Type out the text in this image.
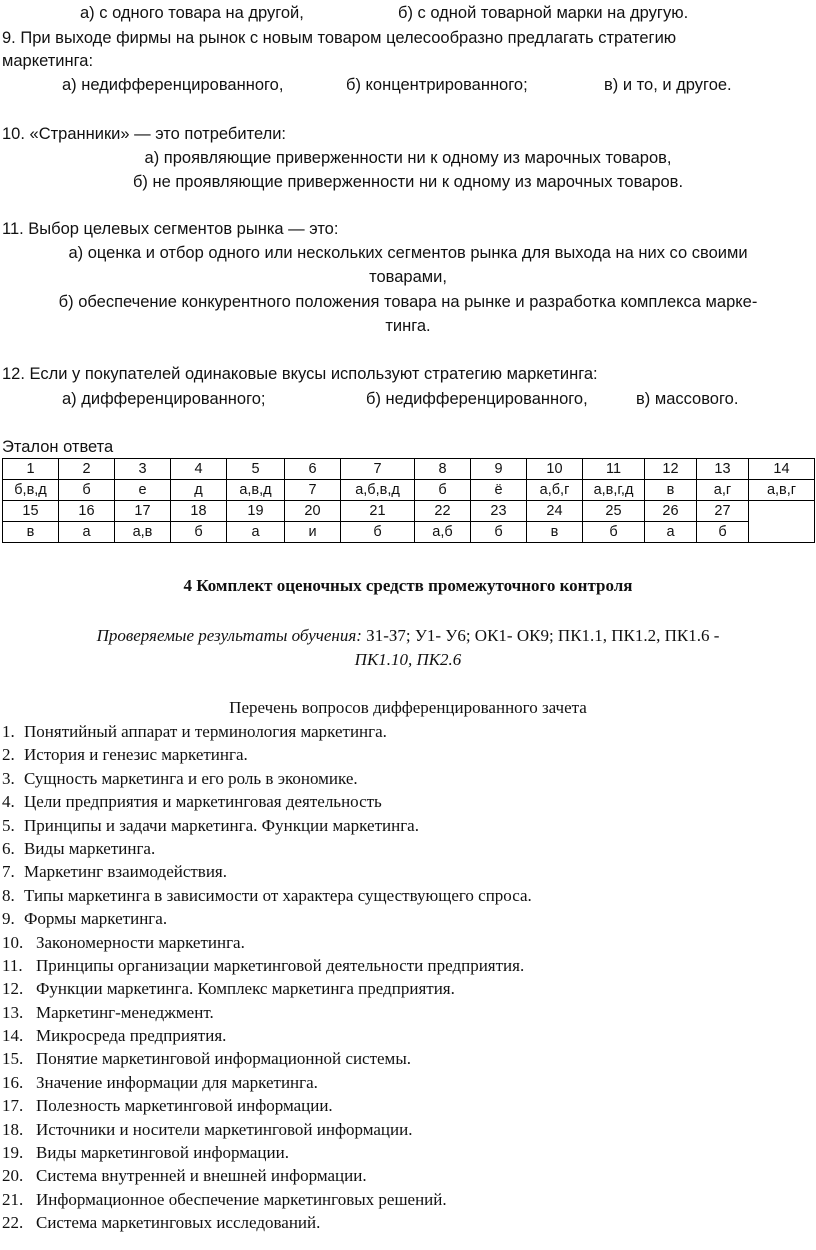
а) с одного товара на другой,	б) с одной товарной марки на другую.
9. При выходе фирмы на рынок с новым товаром целесообразно предлагать стратегию
маркетинга:
а) недифференцированного,	б) концентрированного;	в) и то, и другое.
10. «Странники» — это потребители:
а) проявляющие приверженности ни к одному из марочных товаров,
б) не проявляющие приверженности ни к одному из марочных товаров.
11. Выбор целевых сегментов рынка — это:
а) оценка и отбор одного или нескольких сегментов рынка для выхода на них со своими
товарами,
б) обеспечение конкурентного положения товара на рынке и разработка комплекса марке-
тинга.
12. Если у покупателей одинаковые вкусы используют стратегию маркетинга:
а) дифференцированного;	б) недифференцированного,	в) массового.
Эталон ответа
1	2	3	4	5	6	7	8	9	10	11	12	13	14
б,в,д	б	е	д	а,в,д	7	а,б,в,д	б	ё	а,б,г	а,в,г,д	в	а,г	а,в,г
15	16	17	18	19	20	21	22	23	24	25	26	27	
в	а	а,в	б	а	и	б	а,б	б	в	б	а	б	
4 Комплект оценочных средств промежуточного контроля
Проверяемые результаты обучения: З1-З7; У1- У6; ОК1- ОК9; ПК1.1, ПК1.2, ПК1.6 -
ПК1.10, ПК2.6
Перечень вопросов дифференцированного зачета
1. Понятийный аппарат и терминология маркетинга.
2. История и генезис маркетинга.
3. Сущность маркетинга и его роль в экономике.
4. Цели предприятия и маркетинговая деятельность
5. Принципы и задачи маркетинга. Функции маркетинга.
6. Виды маркетинга.
7. Маркетинг взаимодействия.
8. Типы маркетинга в зависимости от характера существующего спроса.
9. Формы маркетинга.
10. Закономерности маркетинга.
11. Принципы организации маркетинговой деятельности предприятия.
12. Функции маркетинга. Комплекс маркетинга предприятия.
13. Маркетинг-менеджмент.
14. Микросреда предприятия.
15. Понятие маркетинговой информационной системы.
16. Значение информации для маркетинга.
17. Полезность маркетинговой информации.
18. Источники и носители маркетинговой информации.
19. Виды маркетинговой информации.
20. Система внутренней и внешней информации.
21. Информационное обеспечение маркетинговых решений.
22. Система маркетинговых исследований.
